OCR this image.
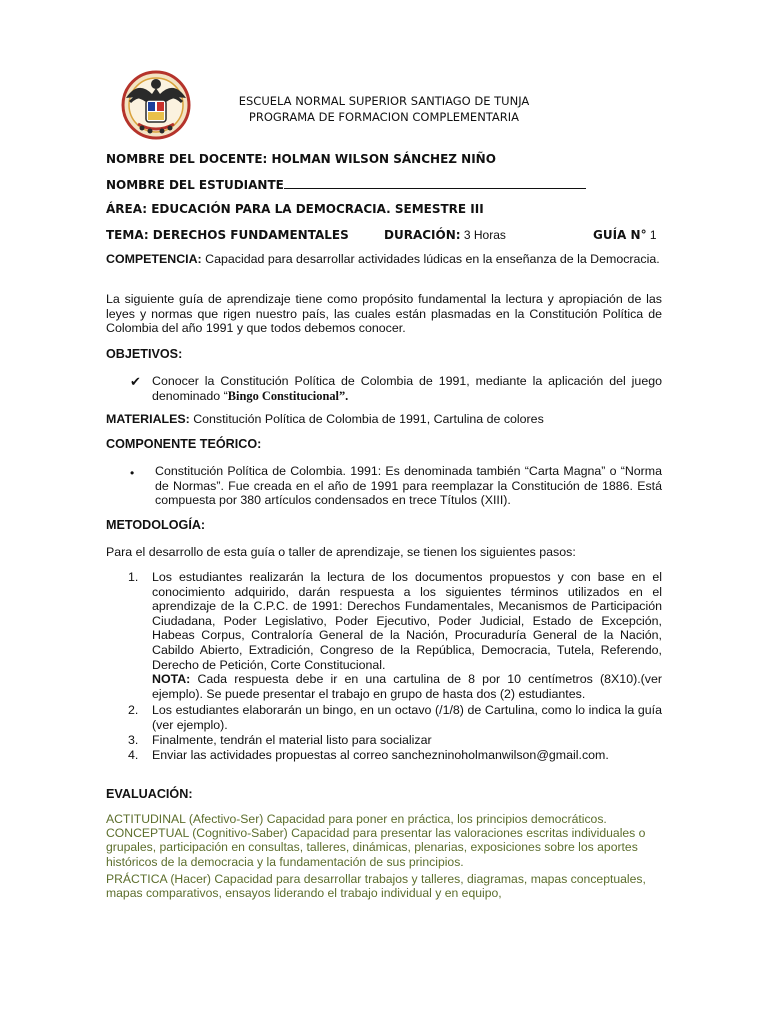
ESCUELA NORMAL SUPERIOR SANTIAGO DE TUNJA
PROGRAMA DE FORMACION COMPLEMENTARIA
NOMBRE DEL DOCENTE: HOLMAN WILSON SÁNCHEZ NIÑO
NOMBRE DEL ESTUDIANTE
ÁREA: EDUCACIÓN PARA LA DEMOCRACIA. SEMESTRE III
TEMA: DERECHOS FUNDAMENTALES	DURACIÓN: 3 Horas	GUÍA N° 1
COMPETENCIA: Capacidad para desarrollar actividades lúdicas en la enseñanza de la Democracia.
La siguiente guía de aprendizaje tiene como propósito fundamental la lectura y apropiación de las leyes y normas que rigen nuestro país, las cuales están plasmadas en la Constitución Política de Colombia del año 1991 y que todos debemos conocer.
OBJETIVOS:
✔ Conocer la Constitución Política de Colombia de 1991, mediante la aplicación del juego denominado “Bingo Constitucional”.
MATERIALES: Constitución Política de Colombia de 1991, Cartulina de colores
COMPONENTE TEÓRICO:
• Constitución Política de Colombia. 1991: Es denominada también “Carta Magna” o “Norma de Normas”. Fue creada en el año de 1991 para reemplazar la Constitución de 1886. Está compuesta por 380 artículos condensados en trece Títulos (XIII).
METODOLOGÍA:
Para el desarrollo de esta guía o taller de aprendizaje, se tienen los siguientes pasos:
1. Los estudiantes realizarán la lectura de los documentos propuestos y con base en el conocimiento adquirido, darán respuesta a los siguientes términos utilizados en el aprendizaje de la C.P.C. de 1991: Derechos Fundamentales, Mecanismos de Participación Ciudadana, Poder Legislativo, Poder Ejecutivo, Poder Judicial, Estado de Excepción, Habeas Corpus, Contraloría General de la Nación, Procuraduría General de la Nación, Cabildo Abierto, Extradición, Congreso de la República, Democracia, Tutela, Referendo, Derecho de Petición, Corte Constitucional.
NOTA: Cada respuesta debe ir en una cartulina de 8 por 10 centímetros (8X10).(ver ejemplo). Se puede presentar el trabajo en grupo de hasta dos (2) estudiantes.
2. Los estudiantes elaborarán un bingo, en un octavo (/1/8) de Cartulina, como lo indica la guía (ver ejemplo).
3. Finalmente, tendrán el material listo para socializar
4. Enviar las actividades propuestas al correo sanchezninoholmanwilson@gmail.com.
EVALUACIÓN:
ACTITUDINAL (Afectivo-Ser) Capacidad para poner en práctica, los principios democráticos.
CONCEPTUAL (Cognitivo-Saber) Capacidad para presentar las valoraciones escritas individuales o grupales, participación en consultas, talleres, dinámicas, plenarias, exposiciones sobre los aportes históricos de la democracia y la fundamentación de sus principios.
PRÁCTICA (Hacer) Capacidad para desarrollar trabajos y talleres, diagramas, mapas conceptuales, mapas comparativos, ensayos liderando el trabajo individual y en equipo,
